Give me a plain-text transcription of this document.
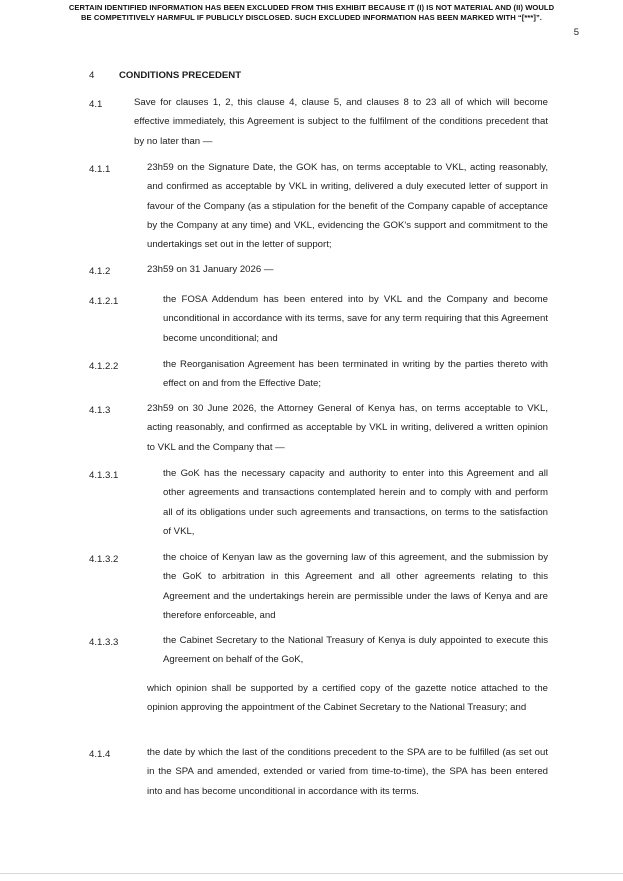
CERTAIN IDENTIFIED INFORMATION HAS BEEN EXCLUDED FROM THIS EXHIBIT BECAUSE IT (I) IS NOT MATERIAL AND (II) WOULD
BE COMPETITIVELY HARMFUL IF PUBLICLY DISCLOSED. SUCH EXCLUDED INFORMATION HAS BEEN MARKED WITH “[***]”.
5
4	CONDITIONS PRECEDENT
4.1	Save for clauses 1, 2, this clause 4, clause 5, and clauses 8 to 23 all of which will become effective immediately, this Agreement is subject to the fulfilment of the conditions precedent that by no later than —
4.1.1	23h59 on the Signature Date, the GOK has, on terms acceptable to VKL, acting reasonably, and confirmed as acceptable by VKL in writing, delivered a duly executed letter of support in favour of the Company (as a stipulation for the benefit of the Company capable of acceptance by the Company at any time) and VKL, evidencing the GOK's support and commitment to the undertakings set out in the letter of support;
4.1.2	23h59 on 31 January 2026 —
4.1.2.1	the FOSA Addendum has been entered into by VKL and the Company and become unconditional in accordance with its terms, save for any term requiring that this Agreement become unconditional; and
4.1.2.2	the Reorganisation Agreement has been terminated in writing by the parties thereto with effect on and from the Effective Date;
4.1.3	23h59 on 30 June 2026, the Attorney General of Kenya has, on terms acceptable to VKL, acting reasonably, and confirmed as acceptable by VKL in writing, delivered a written opinion to VKL and the Company that —
4.1.3.1	the GoK has the necessary capacity and authority to enter into this Agreement and all other agreements and transactions contemplated herein and to comply with and perform all of its obligations under such agreements and transactions, on terms to the satisfaction of VKL,
4.1.3.2	the choice of Kenyan law as the governing law of this agreement, and the submission by the GoK to arbitration in this Agreement and all other agreements relating to this Agreement and the undertakings herein are permissible under the laws of Kenya and are therefore enforceable, and
4.1.3.3	the Cabinet Secretary to the National Treasury of Kenya is duly appointed to execute this Agreement on behalf of the GoK,
which opinion shall be supported by a certified copy of the gazette notice attached to the opinion approving the appointment of the Cabinet Secretary to the National Treasury; and
4.1.4	the date by which the last of the conditions precedent to the SPA are to be fulfilled (as set out in the SPA and amended, extended or varied from time-to-time), the SPA has been entered into and has become unconditional in accordance with its terms.
